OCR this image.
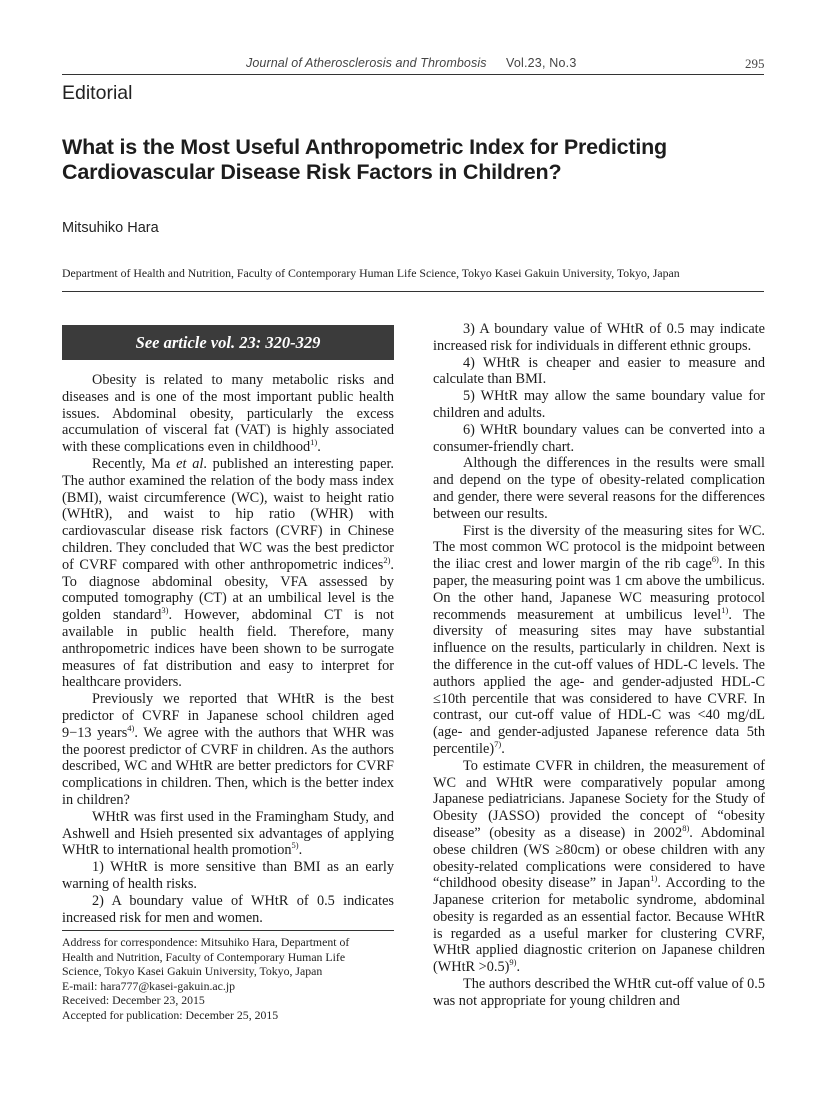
Journal of Atherosclerosis and Thrombosis Vol.23, No.3	295
Editorial
What is the Most Useful Anthropometric Index for Predicting
Cardiovascular Disease Risk Factors in Children?
Mitsuhiko Hara
Department of Health and Nutrition, Faculty of Contemporary Human Life Science, Tokyo Kasei Gakuin University, Tokyo, Japan
See article vol. 23: 320-329

Obesity is related to many metabolic risks and diseases and is one of the most important public health issues. Abdominal obesity, particularly the excess accumulation of visceral fat (VAT) is highly associated with these complications even in childhood$^{1)}$.

Recently, Ma et al. published an interesting paper. The author examined the relation of the body mass index (BMI), waist circumference (WC), waist to height ratio (WHtR), and waist to hip ratio (WHR) with cardiovascular disease risk factors (CVRF) in Chinese children. They concluded that WC was the best predictor of CVRF compared with other anthropometric indices$^{2)}$. To diagnose abdominal obesity, VFA assessed by computed tomography (CT) at an umbilical level is the golden standard$^{3)}$. However, abdominal CT is not available in public health field. Therefore, many anthropometric indices have been shown to be surrogate measures of fat distribution and easy to interpret for healthcare providers.

Previously we reported that WHtR is the best predictor of CVRF in Japanese school children aged 9−13 years$^{4)}$. We agree with the authors that WHR was the poorest predictor of CVRF in children. As the authors described, WC and WHtR are better predictors for CVRF complications in children. Then, which is the better index in children?

WHtR was first used in the Framingham Study, and Ashwell and Hsieh presented six advantages of applying WHtR to international health promotion$^{5)}$.

1) WHtR is more sensitive than BMI as an early warning of health risks.

2) A boundary value of WHtR of 0.5 indicates increased risk for men and women.

Address for correspondence: Mitsuhiko Hara, Department of
Health and Nutrition, Faculty of Contemporary Human Life
Science, Tokyo Kasei Gakuin University, Tokyo, Japan
E-mail: hara777@kasei-gakuin.ac.jp
Received: December 23, 2015
Accepted for publication: December 25, 2015

3) A boundary value of WHtR of 0.5 may indicate increased risk for individuals in different ethnic groups.

4) WHtR is cheaper and easier to measure and calculate than BMI.

5) WHtR may allow the same boundary value for children and adults.

6) WHtR boundary values can be converted into a consumer-friendly chart.

Although the differences in the results were small and depend on the type of obesity-related complication and gender, there were several reasons for the differences between our results.

First is the diversity of the measuring sites for WC. The most common WC protocol is the midpoint between the iliac crest and lower margin of the rib cage$^{6)}$. In this paper, the measuring point was 1 cm above the umbilicus. On the other hand, Japanese WC measuring protocol recommends measurement at umbilicus level$^{1)}$. The diversity of measuring sites may have substantial influence on the results, particularly in children. Next is the difference in the cut-off values of HDL-C levels. The authors applied the age- and gender-adjusted HDL-C ≤10th percentile that was considered to have CVRF. In contrast, our cut-off value of HDL-C was <40 mg/dL (age- and gender-adjusted Japanese reference data 5th percentile)$^{7)}$.

To estimate CVFR in children, the measurement of WC and WHtR were comparatively popular among Japanese pediatricians. Japanese Society for the Study of Obesity (JASSO) provided the concept of “obesity disease” (obesity as a disease) in 2002$^{8)}$. Abdominal obese children (WS ≥80cm) or obese children with any obesity-related complications were considered to have “childhood obesity disease” in Japan$^{1)}$. According to the Japanese criterion for metabolic syndrome, abdominal obesity is regarded as an essential factor. Because WHtR is regarded as a useful marker for clustering CVRF, WHtR applied diagnostic criterion on Japanese children (WHtR >0.5)$^{9)}$.

The authors described the WHtR cut-off value of 0.5 was not appropriate for young children and
